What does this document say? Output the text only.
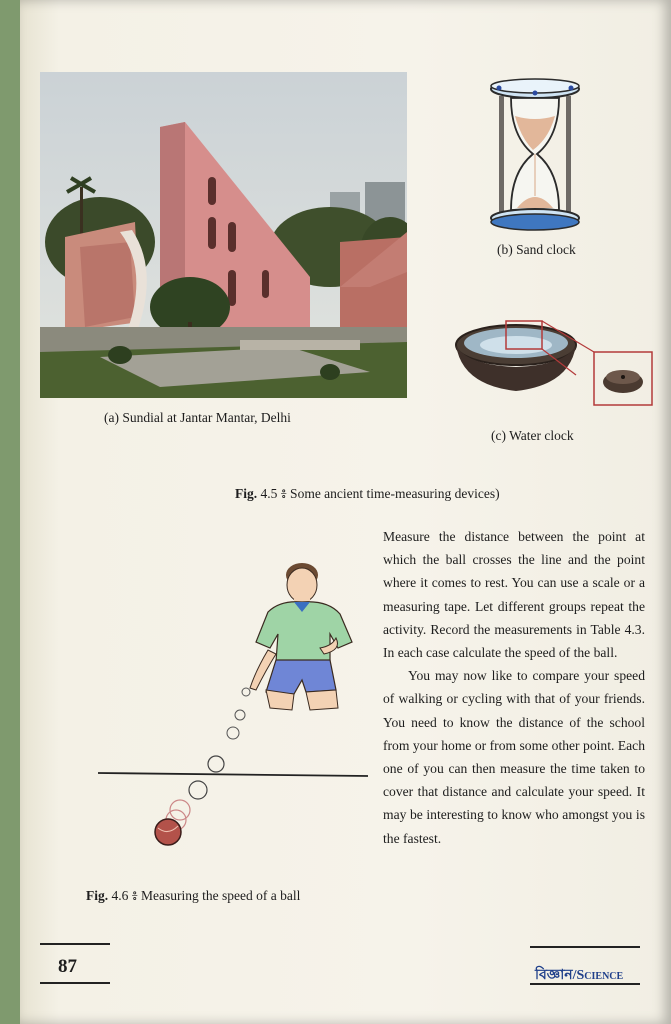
(a) Sundial at Jantar Mantar, Delhi
(b) Sand clock
(c) Water clock
Fig. 4.5 ៖ Some ancient time-measuring devices)
Fig. 4.6 ៖ Measuring the speed of a ball

Measure the distance between the point at which the ball crosses the line and the point where it comes to rest. You can use a scale or a measuring tape. Let different groups repeat the activity. Record the measurements in Table 4.3. In each case calculate the speed of the ball.

You may now like to compare your speed of walking or cycling with that of your friends. You need to know the distance of the school from your home or from some other point. Each one of you can then measure the time taken to cover that distance and calculate your speed. It may be interesting to know who amongst you is the fastest.

87	বিজ্ঞান/Science
